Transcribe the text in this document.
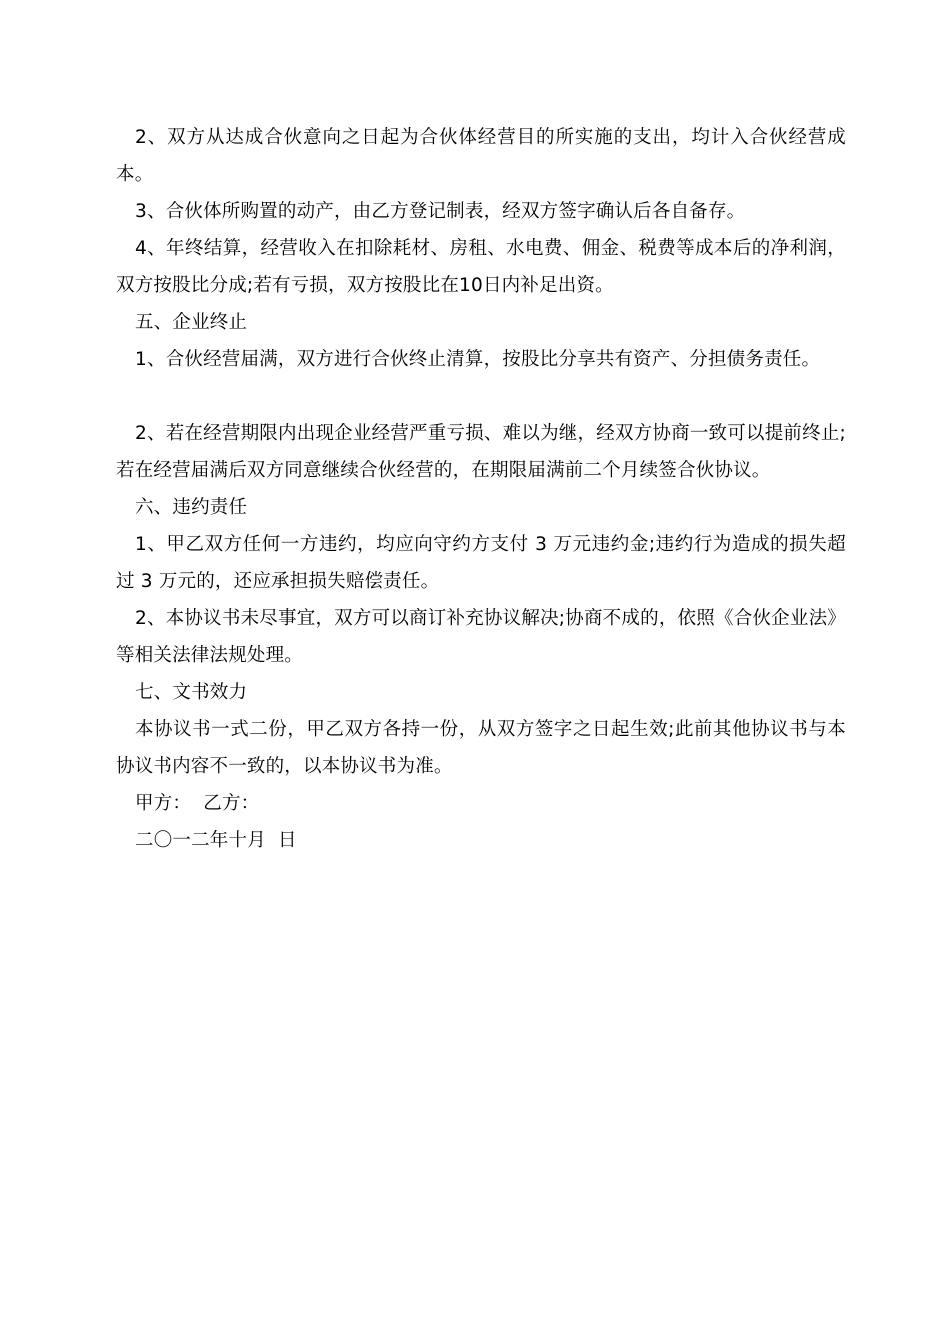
2、双方从达成合伙意向之日起为合伙体经营目的所实施的支出，均计入合伙经营成本。

3、合伙体所购置的动产，由乙方登记制表，经双方签字确认后各自备存。

4、年终结算，经营收入在扣除耗材、房租、水电费、佣金、税费等成本后的净利润，双方按股比分成;若有亏损，双方按股比在10日内补足出资。

五、企业终止

1、合伙经营届满，双方进行合伙终止清算，按股比分享共有资产、分担债务责任。

2、若在经营期限内出现企业经营严重亏损、难以为继，经双方协商一致可以提前终止;若在经营届满后双方同意继续合伙经营的，在期限届满前二个月续签合伙协议。

六、违约责任

1、甲乙双方任何一方违约，均应向守约方支付 3 万元违约金;违约行为造成的损失超过 3 万元的，还应承担损失赔偿责任。

2、本协议书未尽事宜，双方可以商订补充协议解决;协商不成的，依照《合伙企业法》等相关法律法规处理。

七、文书效力

本协议书一式二份，甲乙双方各持一份，从双方签字之日起生效;此前其他协议书与本协议书内容不一致的，以本协议书为准。

甲方：  乙方：

二〇一二年十月  日
